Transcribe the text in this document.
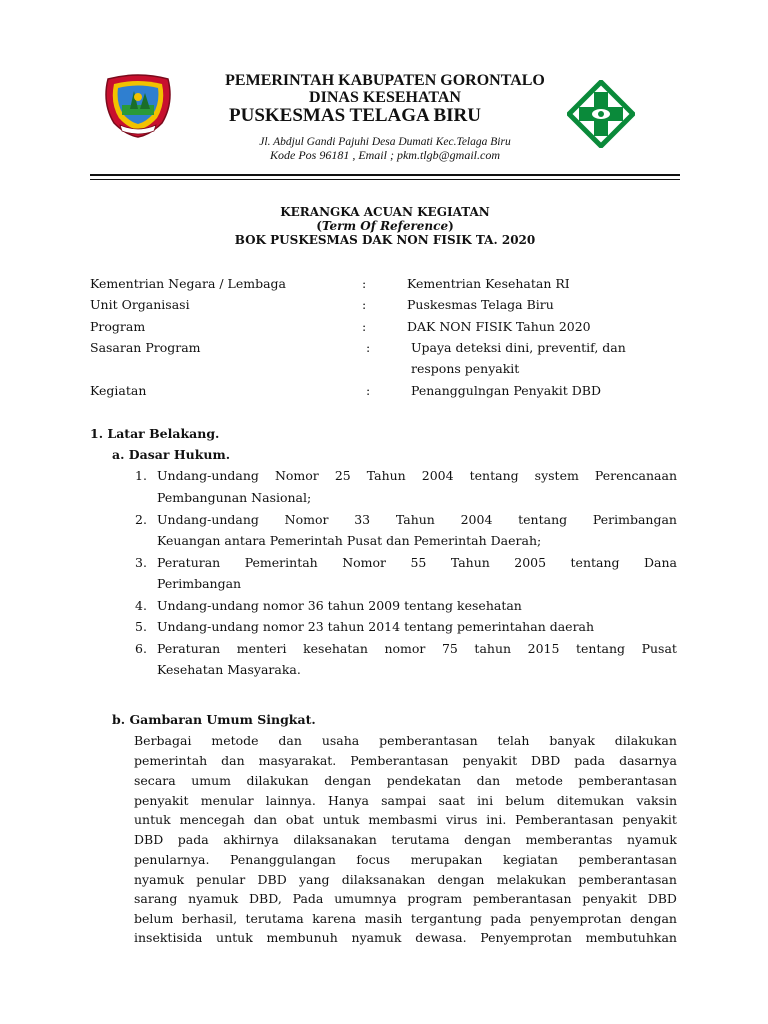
PEMERINTAH KABUPATEN GORONTALO
DINAS KESEHATAN
PUSKESMAS TELAGA BIRU
Jl. Abdjul Gandi Pajuhi Desa Dumati Kec.Telaga Biru
Kode Pos 96181 , Email ; pkm.tlgb@gmail.com
KERANGKA ACUAN KEGIATAN
(Term Of Reference)
BOK PUSKESMAS DAK NON FISIK TA. 2020
Kementrian Negara / Lembaga	:	Kementrian Kesehatan RI
Unit Organisasi	:	Puskesmas Telaga Biru
Program	:	DAK NON FISIK Tahun 2020
Sasaran Program	:	Upaya deteksi dini, preventif, dan
respons penyakit
Kegiatan	:	Penanggulngan Penyakit DBD
1. Latar Belakang.
a. Dasar Hukum.
1. Undang-undang Nomor 25 Tahun 2004 tentang system Perencanaan
Pembangunan Nasional;
2. Undang-undang Nomor 33 Tahun 2004 tentang Perimbangan
Keuangan antara Pemerintah Pusat dan Pemerintah Daerah;
3. Peraturan Pemerintah Nomor 55 Tahun 2005 tentang Dana
Perimbangan
4. Undang-undang nomor 36 tahun 2009 tentang kesehatan
5. Undang-undang nomor 23 tahun 2014 tentang pemerintahan daerah
6. Peraturan menteri kesehatan nomor 75 tahun 2015 tentang Pusat
Kesehatan Masyaraka.
b. Gambaran Umum Singkat.
Berbagai metode dan usaha pemberantasan telah banyak dilakukan
pemerintah dan masyarakat. Pemberantasan penyakit DBD pada dasarnya
secara umum dilakukan dengan pendekatan dan metode pemberantasan
penyakit menular lainnya. Hanya sampai saat ini belum ditemukan vaksin
untuk mencegah dan obat untuk membasmi virus ini. Pemberantasan penyakit
DBD pada akhirnya dilaksanakan terutama dengan memberantas nyamuk
penularnya. Penanggulangan focus merupakan kegiatan pemberantasan
nyamuk penular DBD yang dilaksanakan dengan melakukan pemberantasan
sarang nyamuk DBD, Pada umumnya program pemberantasan penyakit DBD
belum berhasil, terutama karena masih tergantung pada penyemprotan dengan
insektisida untuk membunuh nyamuk dewasa. Penyemprotan membutuhkan
